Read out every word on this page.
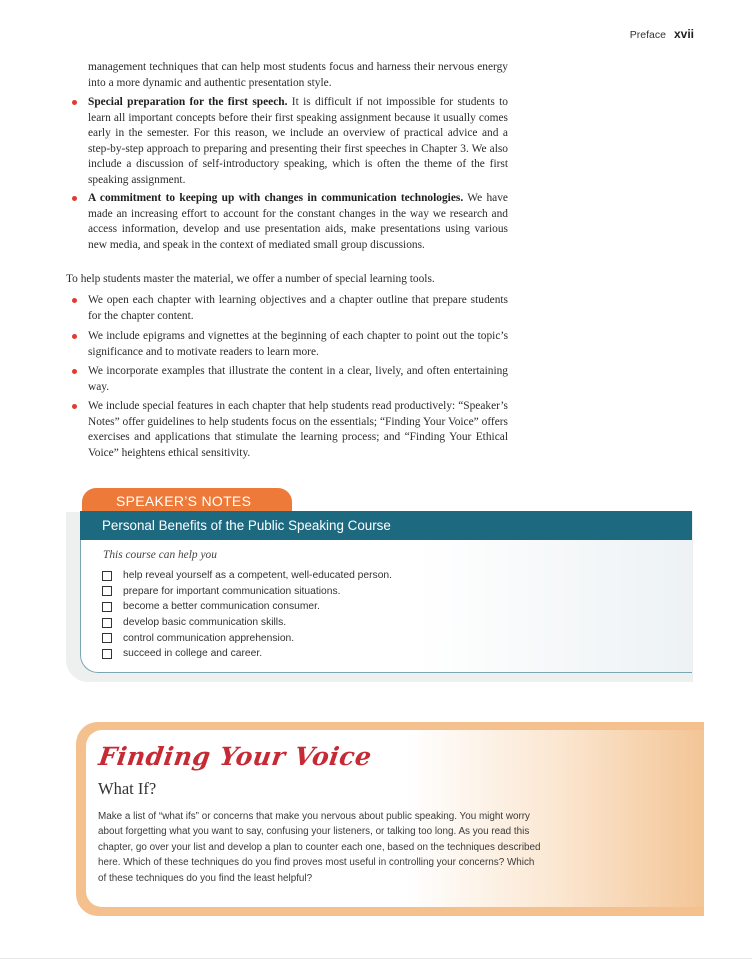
Preface xvii
management techniques that can help most students focus and harness their nervous energy into a more dynamic and authentic presentation style.
Special preparation for the first speech. It is difficult if not impossible for students to learn all important concepts before their first speaking assignment because it usually comes early in the semester. For this reason, we include an overview of practical advice and a step-by-step approach to preparing and presenting their first speeches in Chapter 3. We also include a discussion of self-introductory speaking, which is often the theme of the first speaking assignment.
A commitment to keeping up with changes in communication technologies. We have made an increasing effort to account for the constant changes in the way we research and access information, develop and use presentation aids, make presentations using various new media, and speak in the context of mediated small group discussions.
To help students master the material, we offer a number of special learning tools.
We open each chapter with learning objectives and a chapter outline that prepare students for the chapter content.
We include epigrams and vignettes at the beginning of each chapter to point out the topic’s significance and to motivate readers to learn more.
We incorporate examples that illustrate the content in a clear, lively, and often entertaining way.
We include special features in each chapter that help students read productively: “Speaker’s Notes” offer guidelines to help students focus on the essentials; “Finding Your Voice” offers exercises and applications that stimulate the learning process; and “Finding Your Ethical Voice” heightens ethical sensitivity.
SPEAKER’S NOTES
Personal Benefits of the Public Speaking Course
This course can help you
help reveal yourself as a competent, well-educated person.
prepare for important communication situations.
become a better communication consumer.
develop basic communication skills.
control communication apprehension.
succeed in college and career.
Finding Your Voice
What If?
Make a list of “what ifs” or concerns that make you nervous about public speaking. You might worry
about forgetting what you want to say, confusing your listeners, or talking too long. As you read this
chapter, go over your list and develop a plan to counter each one, based on the techniques described
here. Which of these techniques do you find proves most useful in controlling your concerns? Which
of these techniques do you find the least helpful?
